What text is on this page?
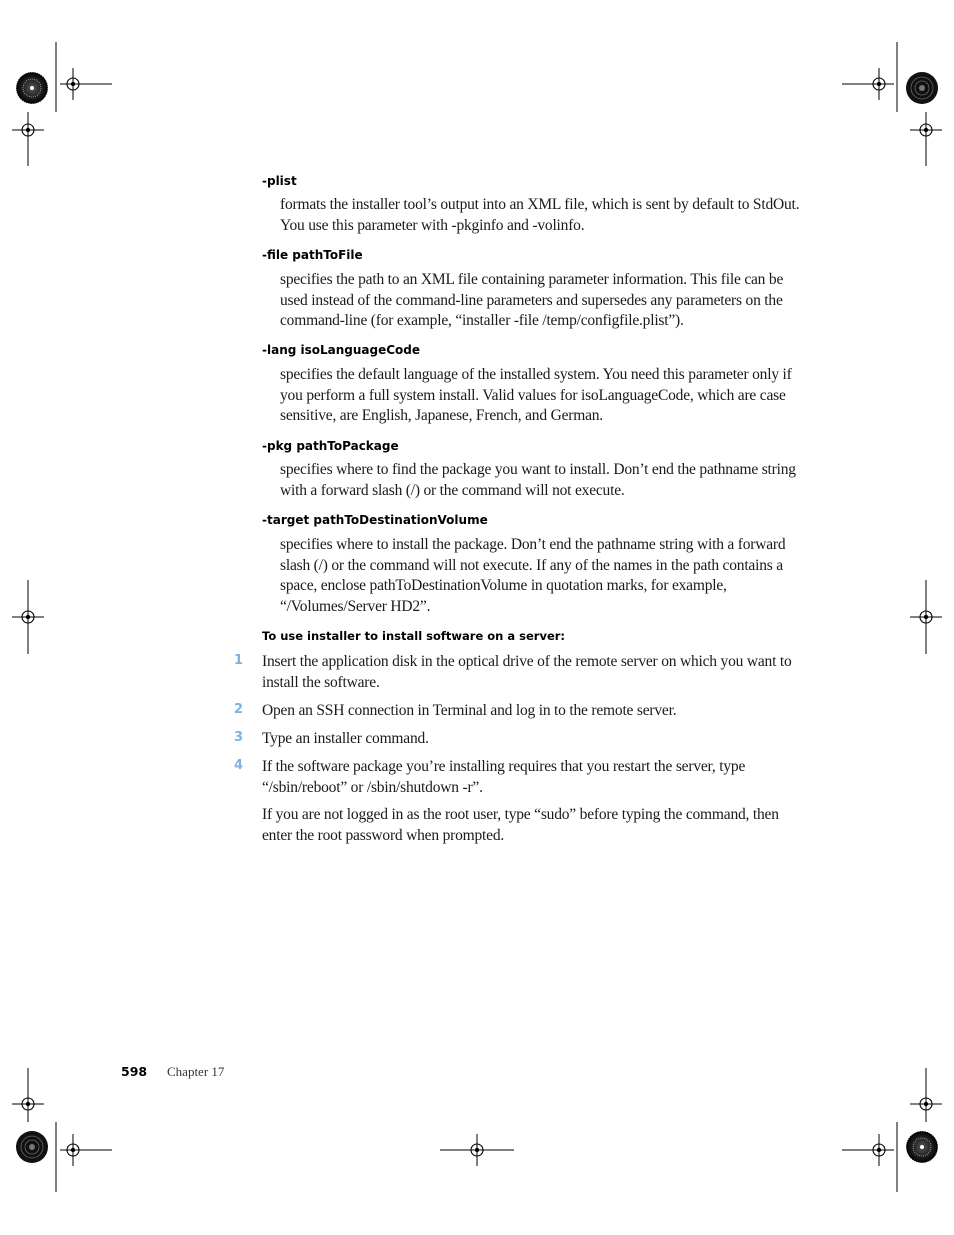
-plist
formats the installer tool’s output into an XML file, which is sent by default to StdOut. You use this parameter with -pkginfo and -volinfo.
-file pathToFile
specifies the path to an XML file containing parameter information. This file can be used instead of the command-line parameters and supersedes any parameters on the command-line (for example, “installer -file /temp/configfile.plist”).
-lang isoLanguageCode
specifies the default language of the installed system. You need this parameter only if you perform a full system install. Valid values for isoLanguageCode, which are case sensitive, are English, Japanese, French, and German.
-pkg pathToPackage
specifies where to find the package you want to install. Don’t end the pathname string with a forward slash (/) or the command will not execute.
-target pathToDestinationVolume
specifies where to install the package. Don’t end the pathname string with a forward slash (/) or the command will not execute. If any of the names in the path contains a space, enclose pathToDestinationVolume in quotation marks, for example, “/Volumes/Server HD2”.
To use installer to install software on a server:
1 Insert the application disk in the optical drive of the remote server on which you want to install the software.
2 Open an SSH connection in Terminal and log in to the remote server.
3 Type an installer command.
4 If the software package you’re installing requires that you restart the server, type “/sbin/reboot” or /sbin/shutdown -r”.
If you are not logged in as the root user, type “sudo” before typing the command, then enter the root password when prompted.
598 Chapter 17
